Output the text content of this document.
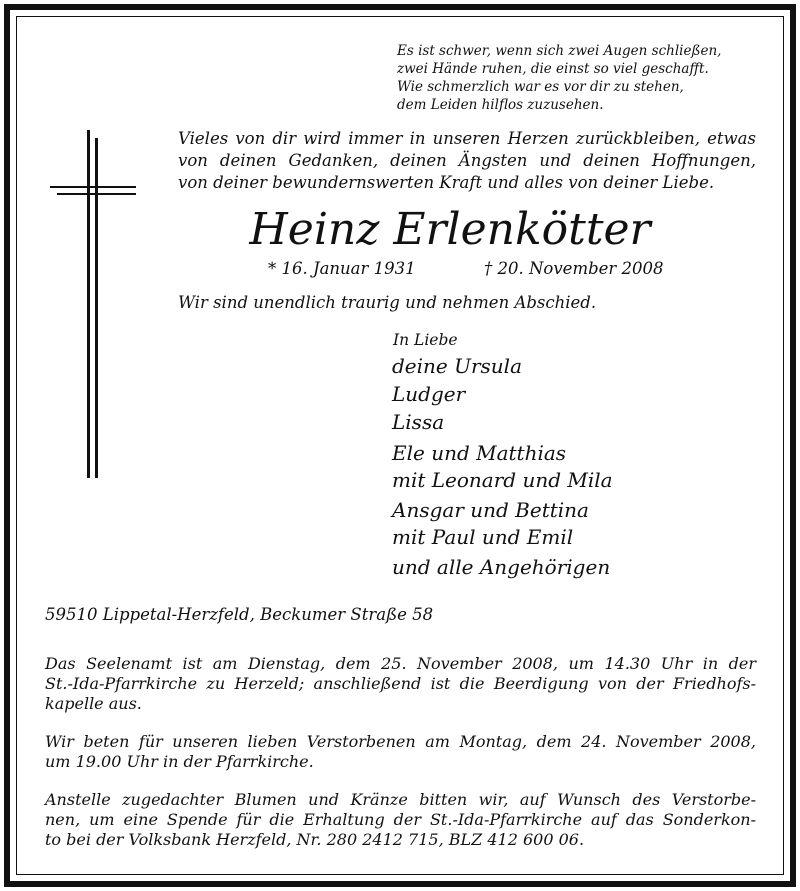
Es ist schwer, wenn sich zwei Augen schließen,
zwei Hände ruhen, die einst so viel geschafft.
Wie schmerzlich war es vor dir zu stehen,
dem Leiden hilflos zuzusehen.
Vieles von dir wird immer in unseren Herzen zurückbleiben, etwas
von deinen Gedanken, deinen Ängsten und deinen Hoffnungen,
von deiner bewundernswerten Kraft und alles von deiner Liebe.
Heinz Erlenkötter
* 16. Januar 1931	† 20. November 2008
Wir sind unendlich traurig und nehmen Abschied.
In Liebe
deine Ursula
Ludger
Lissa
Ele und Matthias
mit Leonard und Mila
Ansgar und Bettina
mit Paul und Emil
und alle Angehörigen
59510 Lippetal-Herzfeld, Beckumer Straße 58
Das Seelenamt ist am Dienstag, dem 25. November 2008, um 14.30 Uhr in der
St.-Ida-Pfarrkirche zu Herzeld; anschließend ist die Beerdigung von der Friedhofs-
kapelle aus.
Wir beten für unseren lieben Verstorbenen am Montag, dem 24. November 2008,
um 19.00 Uhr in der Pfarrkirche.
Anstelle zugedachter Blumen und Kränze bitten wir, auf Wunsch des Verstorbe-
nen, um eine Spende für die Erhaltung der St.-Ida-Pfarrkirche auf das Sonderkon-
to bei der Volksbank Herzfeld, Nr. 280 2412 715, BLZ 412 600 06.
